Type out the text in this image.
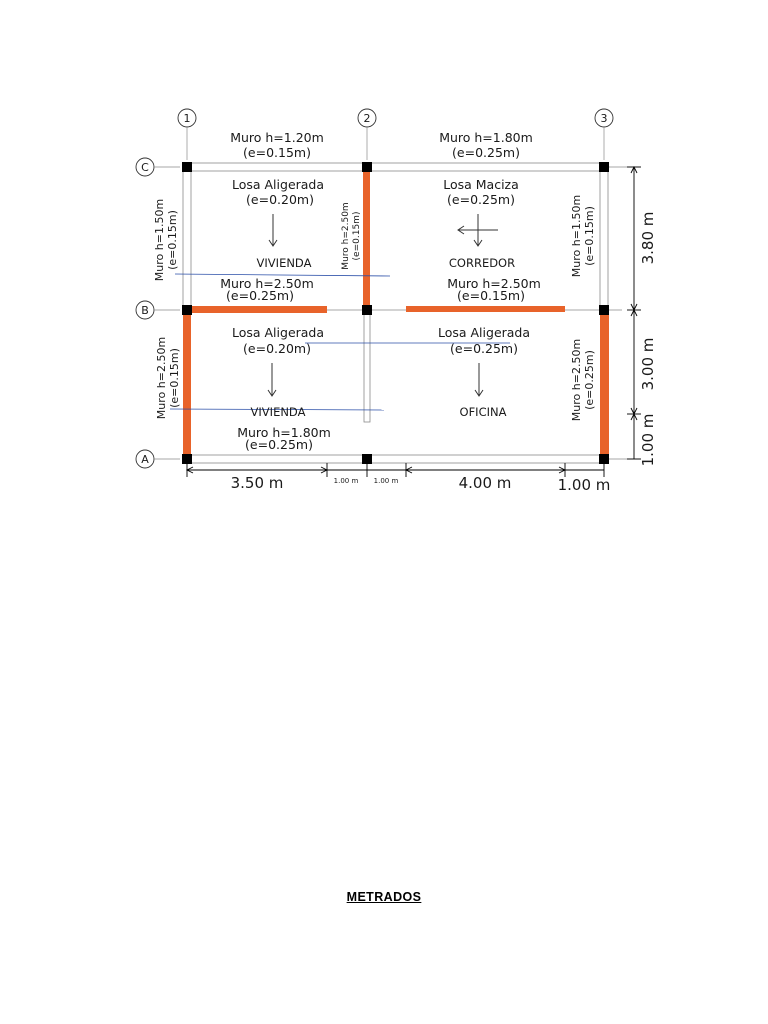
1	2	3
C
B
A
Muro h=1.20m
(e=0.15m)
Muro h=1.80m
(e=0.25m)
Muro h=1.50m (e=0.15m)	Muro h=2.50m (e=0.15m)	Muro h=1.50m (e=0.15m)
Muro h=2.50m (e=0.15m)	Muro h=2.50m (e=0.25m)
Muro h=2.50m
(e=0.25m)
Muro h=2.50m
(e=0.15m)
Muro h=1.80m
(e=0.25m)
Losa Aligerada
(e=0.20m)
VIVIENDA
Losa Maciza
(e=0.25m)
CORREDOR
Losa Aligerada
(e=0.20m)
VIVIENDA
Losa Aligerada
(e=0.25m)
OFICINA
3.50 m	1.00 m 1.00 m	4.00 m	1.00 m
3.80 m
3.00 m
1.00 m
METRADOS
